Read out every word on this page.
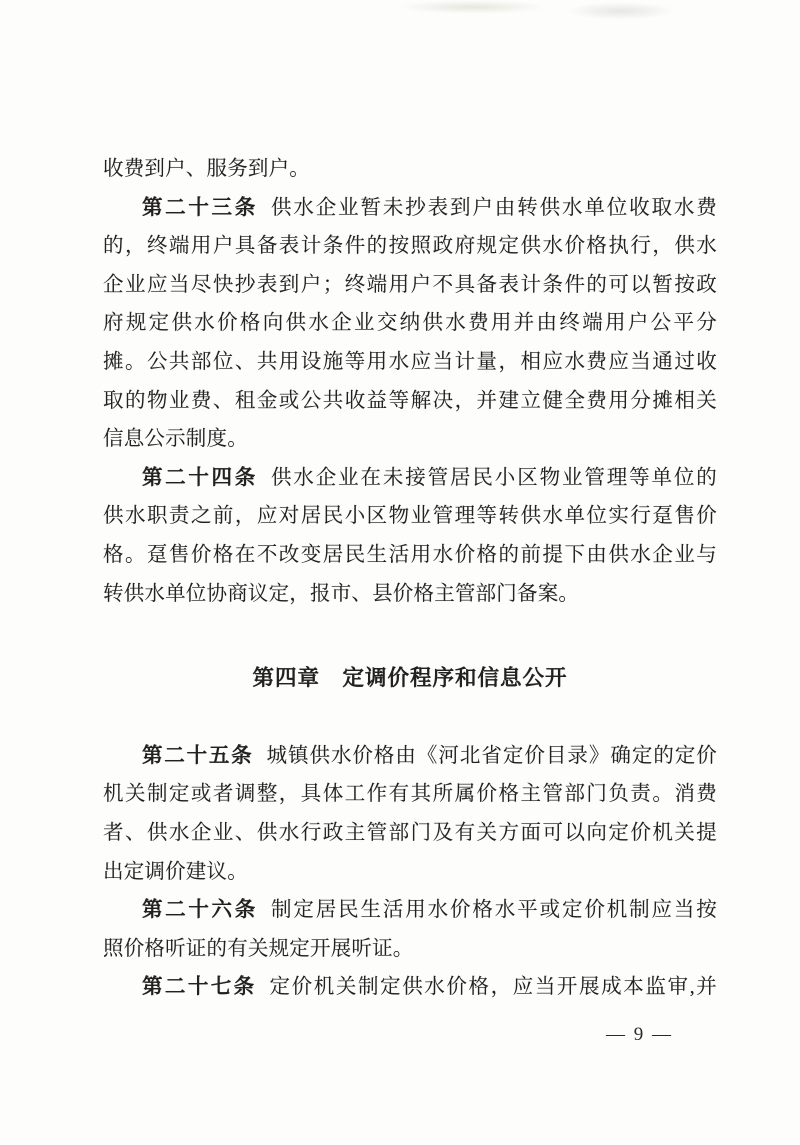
收费到户、服务到户。
第二十三条 供水企业暂未抄表到户由转供水单位收取水费
的，终端用户具备表计条件的按照政府规定供水价格执行，供水
企业应当尽快抄表到户；终端用户不具备表计条件的可以暂按政
府规定供水价格向供水企业交纳供水费用并由终端用户公平分
摊。公共部位、共用设施等用水应当计量，相应水费应当通过收
取的物业费、租金或公共收益等解决，并建立健全费用分摊相关
信息公示制度。
第二十四条 供水企业在未接管居民小区物业管理等单位的
供水职责之前，应对居民小区物业管理等转供水单位实行趸售价
格。趸售价格在不改变居民生活用水价格的前提下由供水企业与
转供水单位协商议定，报市、县价格主管部门备案。
第四章　定调价程序和信息公开
第二十五条 城镇供水价格由《河北省定价目录》确定的定价
机关制定或者调整，具体工作有其所属价格主管部门负责。消费
者、供水企业、供水行政主管部门及有关方面可以向定价机关提
出定调价建议。
第二十六条 制定居民生活用水价格水平或定价机制应当按
照价格听证的有关规定开展听证。
第二十七条 定价机关制定供水价格，应当开展成本监审,并
— 9 —
